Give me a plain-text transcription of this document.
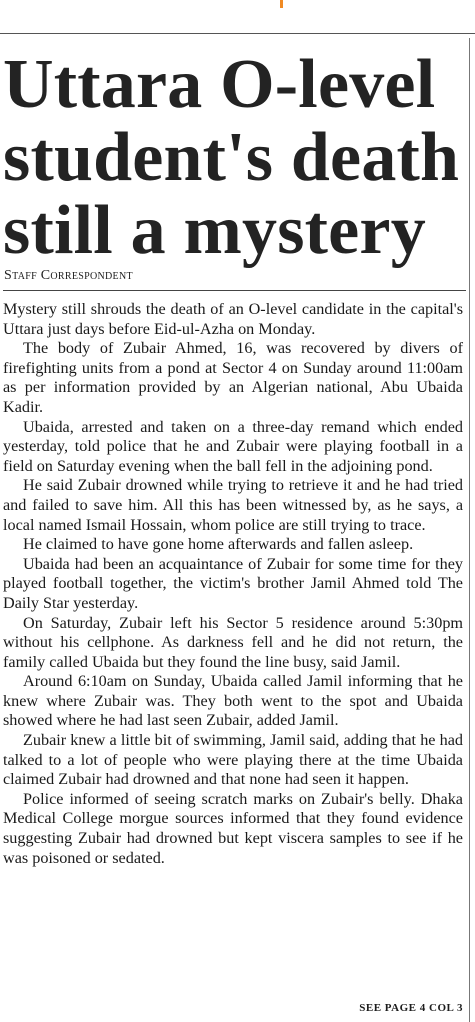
Uttara O-level student's death still a mystery
Staff Correspondent

Mystery still shrouds the death of an O-level candidate in the capital's Uttara just days before Eid-ul-Azha on Monday.

The body of Zubair Ahmed, 16, was recovered by divers of firefighting units from a pond at Sector 4 on Sunday around 11:00am as per information provided by an Algerian national, Abu Ubaida Kadir.

Ubaida, arrested and taken on a three-day remand which ended yesterday, told police that he and Zubair were playing football in a field on Saturday evening when the ball fell in the adjoining pond.

He said Zubair drowned while trying to retrieve it and he had tried and failed to save him. All this has been witnessed by, as he says, a local named Ismail Hossain, whom police are still trying to trace.

He claimed to have gone home afterwards and fallen asleep.

Ubaida had been an acquaintance of Zubair for some time for they played football together, the victim's brother Jamil Ahmed told The Daily Star yesterday.

On Saturday, Zubair left his Sector 5 residence around 5:30pm without his cellphone. As darkness fell and he did not return, the family called Ubaida but they found the line busy, said Jamil.

Around 6:10am on Sunday, Ubaida called Jamil informing that he knew where Zubair was. They both went to the spot and Ubaida showed where he had last seen Zubair, added Jamil.

Zubair knew a little bit of swimming, Jamil said, adding that he had talked to a lot of people who were playing there at the time Ubaida claimed Zubair had drowned and that none had seen it happen.

Police informed of seeing scratch marks on Zubair's belly. Dhaka Medical College morgue sources informed that they found evidence suggesting Zubair had drowned but kept viscera samples to see if he was poisoned or sedated.

SEE PAGE 4 COL 3
